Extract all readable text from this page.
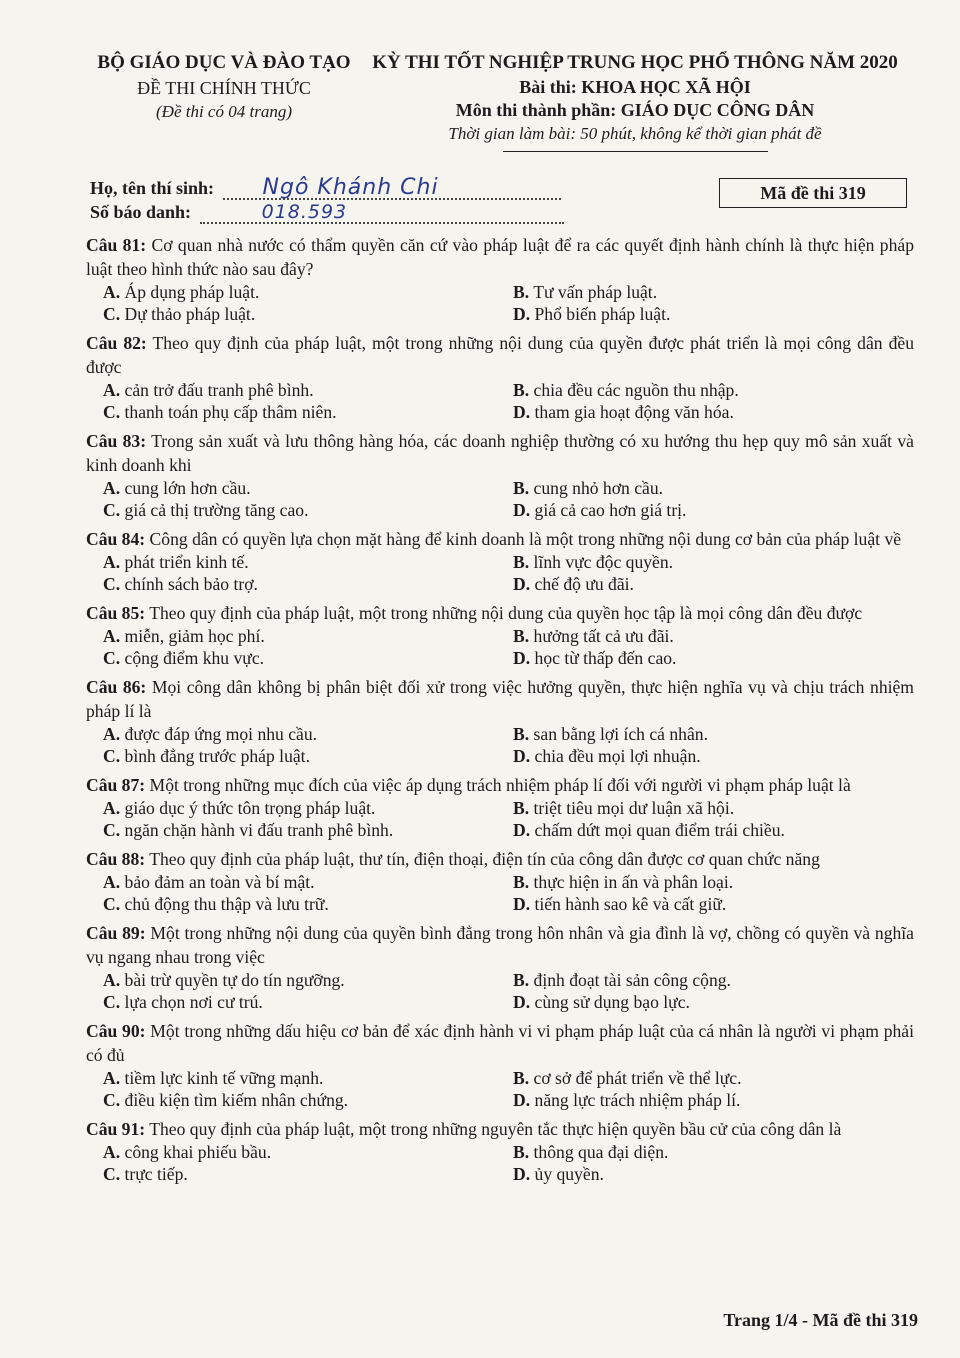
BỘ GIÁO DỤC VÀ ĐÀO TẠO
ĐỀ THI CHÍNH THỨC
(Đề thi có 04 trang)
KỲ THI TỐT NGHIỆP TRUNG HỌC PHỔ THÔNG NĂM 2020
Bài thi: KHOA HỌC XÃ HỘI
Môn thi thành phần: GIÁO DỤC CÔNG DÂN
Thời gian làm bài: 50 phút, không kể thời gian phát đề
Họ, tên thí sinh: Ngô Khánh Chi
Số báo danh:	018.593
Mã đề thi 319
Câu 81: Cơ quan nhà nước có thẩm quyền căn cứ vào pháp luật để ra các quyết định hành chính là thực hiện pháp luật theo hình thức nào sau đây?
A. Áp dụng pháp luật.	B. Tư vấn pháp luật.
C. Dự thảo pháp luật.	D. Phổ biến pháp luật.
Câu 82: Theo quy định của pháp luật, một trong những nội dung của quyền được phát triển là mọi công dân đều được
A. cản trở đấu tranh phê bình.	B. chia đều các nguồn thu nhập.
C. thanh toán phụ cấp thâm niên.	D. tham gia hoạt động văn hóa.
Câu 83: Trong sản xuất và lưu thông hàng hóa, các doanh nghiệp thường có xu hướng thu hẹp quy mô sản xuất và kinh doanh khi
A. cung lớn hơn cầu.	B. cung nhỏ hơn cầu.
C. giá cả thị trường tăng cao.	D. giá cả cao hơn giá trị.
Câu 84: Công dân có quyền lựa chọn mặt hàng để kinh doanh là một trong những nội dung cơ bản của pháp luật về
A. phát triển kinh tế.	B. lĩnh vực độc quyền.
C. chính sách bảo trợ.	D. chế độ ưu đãi.
Câu 85: Theo quy định của pháp luật, một trong những nội dung của quyền học tập là mọi công dân đều được
A. miễn, giảm học phí.	B. hưởng tất cả ưu đãi.
C. cộng điểm khu vực.	D. học từ thấp đến cao.
Câu 86: Mọi công dân không bị phân biệt đối xử trong việc hưởng quyền, thực hiện nghĩa vụ và chịu trách nhiệm pháp lí là
A. được đáp ứng mọi nhu cầu.	B. san bằng lợi ích cá nhân.
C. bình đẳng trước pháp luật.	D. chia đều mọi lợi nhuận.
Câu 87: Một trong những mục đích của việc áp dụng trách nhiệm pháp lí đối với người vi phạm pháp luật là
A. giáo dục ý thức tôn trọng pháp luật.	B. triệt tiêu mọi dư luận xã hội.
C. ngăn chặn hành vi đấu tranh phê bình.	D. chấm dứt mọi quan điểm trái chiều.
Câu 88: Theo quy định của pháp luật, thư tín, điện thoại, điện tín của công dân được cơ quan chức năng
A. bảo đảm an toàn và bí mật.	B. thực hiện in ấn và phân loại.
C. chủ động thu thập và lưu trữ.	D. tiến hành sao kê và cất giữ.
Câu 89: Một trong những nội dung của quyền bình đẳng trong hôn nhân và gia đình là vợ, chồng có quyền và nghĩa vụ ngang nhau trong việc
A. bài trừ quyền tự do tín ngưỡng.	B. định đoạt tài sản công cộng.
C. lựa chọn nơi cư trú.	D. cùng sử dụng bạo lực.
Câu 90: Một trong những dấu hiệu cơ bản để xác định hành vi vi phạm pháp luật của cá nhân là người vi phạm phải có đủ
A. tiềm lực kinh tế vững mạnh.	B. cơ sở để phát triển về thể lực.
C. điều kiện tìm kiếm nhân chứng.	D. năng lực trách nhiệm pháp lí.
Câu 91: Theo quy định của pháp luật, một trong những nguyên tắc thực hiện quyền bầu cử của công dân là
A. công khai phiếu bầu.	B. thông qua đại diện.
C. trực tiếp.	D. ủy quyền.
Trang 1/4 - Mã đề thi 319
